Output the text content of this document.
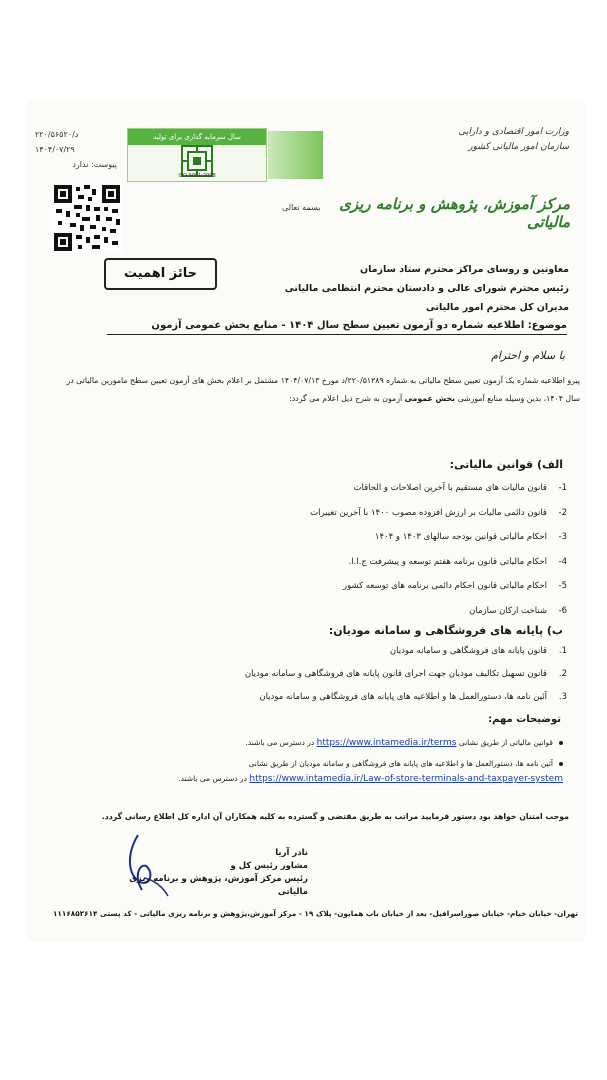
وزارت امور اقتصادی و دارایی
سازمان امور مالیاتی کشور
سال سرمایه گذاری برای تولید
ISO 9001:2008
۲۲۰/۵۶۵۲۰/د
۱۴۰۴/۰۷/۲۹
پیوست: ندارد
بسمه تعالی	مرکز آموزش، پژوهش و برنامه ریزی مالیاتی
حائز اهمیت	معاونین و روسای مراکز محترم ستاد سازمان
رئیس محترم شورای عالی و دادستان محترم انتظامی مالیاتی
مدیران کل محترم امور مالیاتی
موضوع: اطلاعیه شماره دو آزمون تعیین سطح سال ۱۴۰۴ - منابع بخش عمومی آزمون
با سلام و احترام
پیرو اطلاعیه شماره یک آزمون تعیین سطح مالیاتی به شماره ۲۲۰/۵۱۲۸۹/د مورخ ۱۴۰۴/۰۷/۱۳ مشتمل بر اعلام بخش های آزمون تعیین سطح مامورین مالیاتی در سال ۱۴۰۴، بدین وسیله منابع آموزشی بخش عمومی آزمون به شرح ذیل اعلام می گردد:
الف) قوانین مالیاتی:
1-
قانون مالیات های مستقیم با آخرین اصلاحات و الحاقات
2-
قانون دائمی مالیات بر ارزش افزوده مصوب ۱۴۰۰ با آخرین تغییرات
3-
احکام مالیاتی قوانین بودجه سالهای ۱۴۰۳ و ۱۴۰۴
4-
احکام مالیاتی قانون برنامه هفتم توسعه و پیشرفت ج.ا.ا.
5-
احکام مالیاتی قانون احکام دائمی برنامه های توسعه کشور
6-
شناخت ارکان سازمان
ب) پایانه های فروشگاهی و سامانه مودیان:
1.
قانون پایانه های فروشگاهی و سامانه مودیان
2.
قانون تسهیل تکالیف مودیان جهت اجرای قانون پایانه های فروشگاهی و سامانه مودیان
3.
آئین نامه ها، دستورالعمل ها و اطلاعیه های پایانه های فروشگاهی و سامانه مودیان
توضیحات مهم:
قوانین مالیاتی از طریق نشانی https://www.intamedia.ir/terms در دسترس می باشند.
آئین نامه ها، دستورالعمل ها و اطلاعیه های پایانه های فروشگاهی و سامانه مودیان از طریق نشانی
https://www.intamedia.ir/Law-of-store-terminals-and-taxpayer-system در دسترس می باشند.
موجب امتنان خواهد بود دستور فرمایید مراتب به طریق مقتضی و گسترده به کلیه همکاران آن اداره کل اطلاع رسانی گردد.
نادر آریا
مشاور رئیس کل و
رئیس مرکز آموزش، پژوهش و برنامه ریزی مالیاتی
تهران- خیابان خیام- خیابان صوراسرافیل- بعد از خیابان باب همایون- پلاک ۱۹ - مرکز آموزش،پژوهش و برنامه ریزی مالیاتی - کد پستی ۱۱۱۶۸۵۲۶۱۴
